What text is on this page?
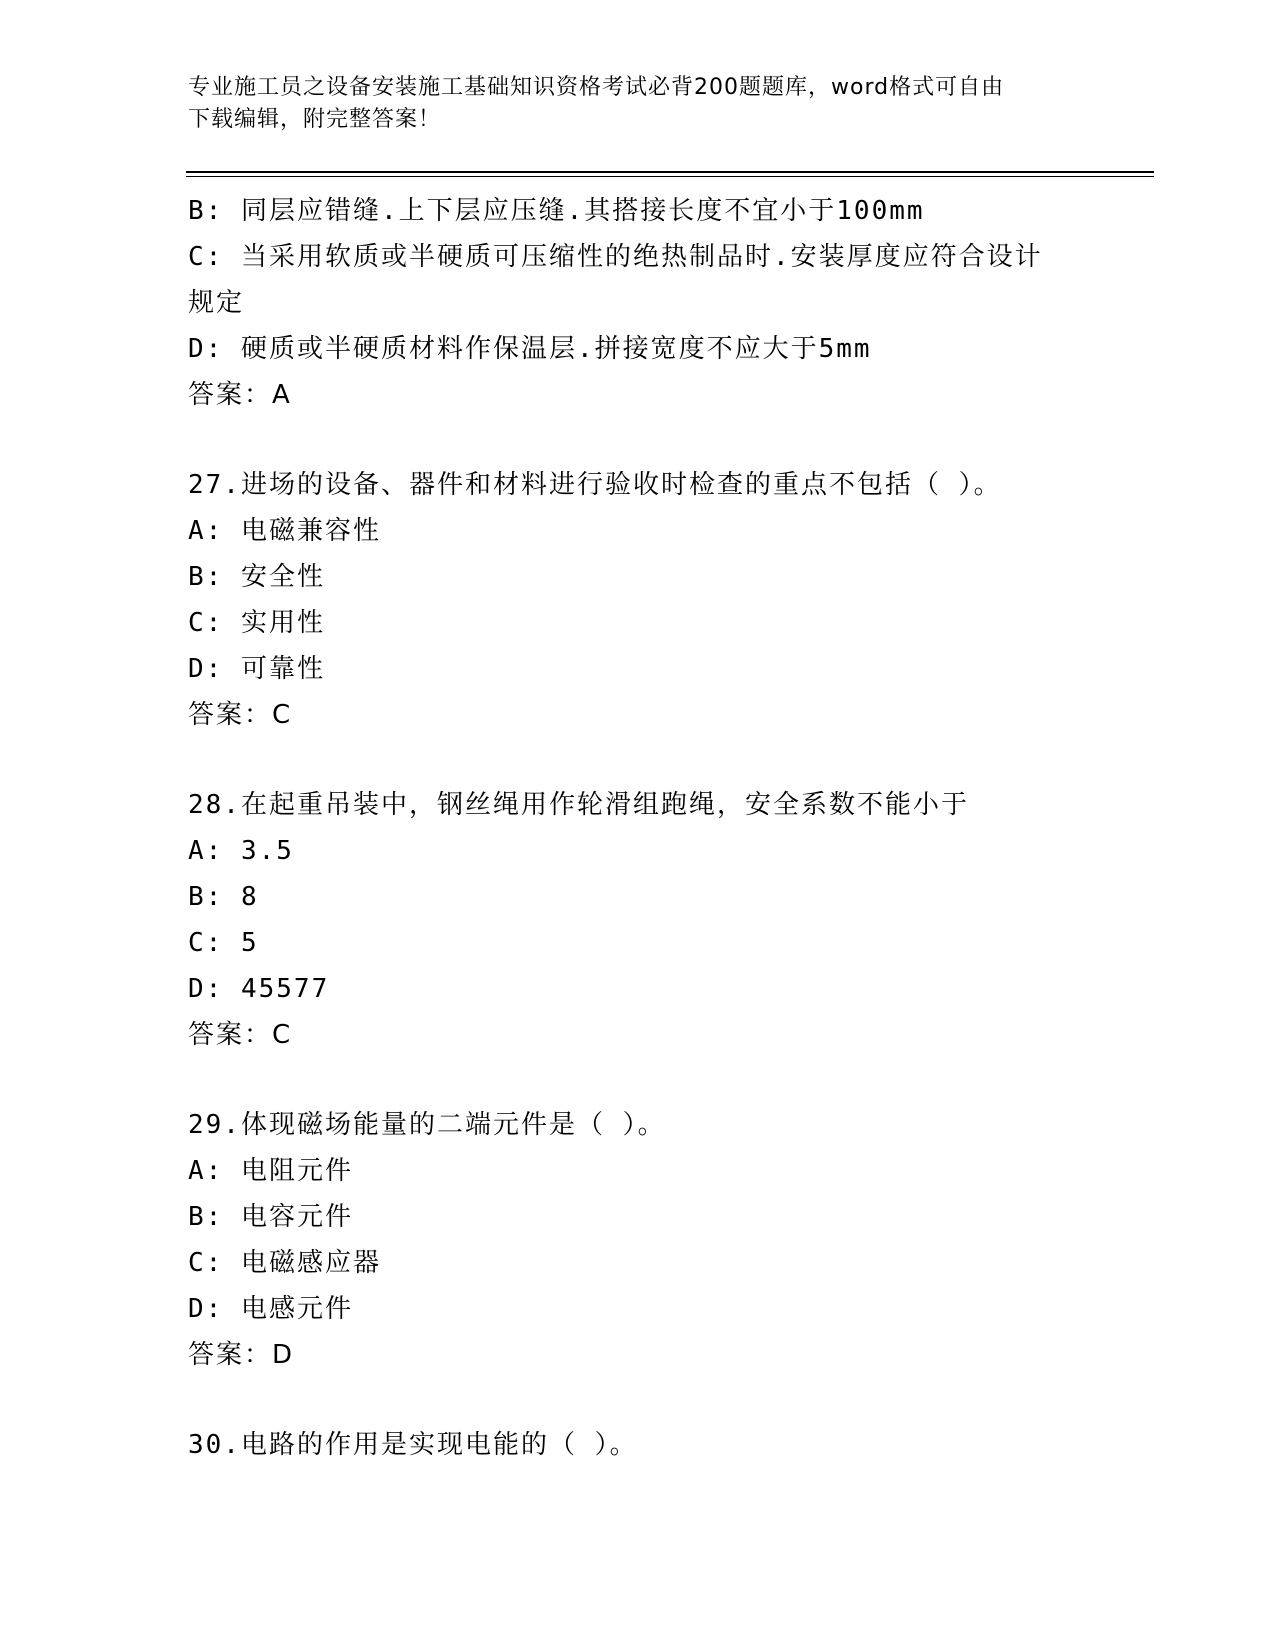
专业施工员之设备安装施工基础知识资格考试必背200题题库，word格式可自由
下载编辑，附完整答案！
B: 同层应错缝.上下层应压缝.其搭接长度不宜小于100mm
C: 当采用软质或半硬质可压缩性的绝热制品时.安装厚度应符合设计
规定
D: 硬质或半硬质材料作保温层.拼接宽度不应大于5mm
答案：A
27.进场的设备、器件和材料进行验收时检查的重点不包括（ ）。
A: 电磁兼容性
B: 安全性
C: 实用性
D: 可靠性
答案：C
28.在起重吊装中，钢丝绳用作轮滑组跑绳，安全系数不能小于
A: 3.5
B: 8
C: 5
D: 45577
答案：C
29.体现磁场能量的二端元件是（ ）。
A: 电阻元件
B: 电容元件
C: 电磁感应器
D: 电感元件
答案：D
30.电路的作用是实现电能的（ ）。
